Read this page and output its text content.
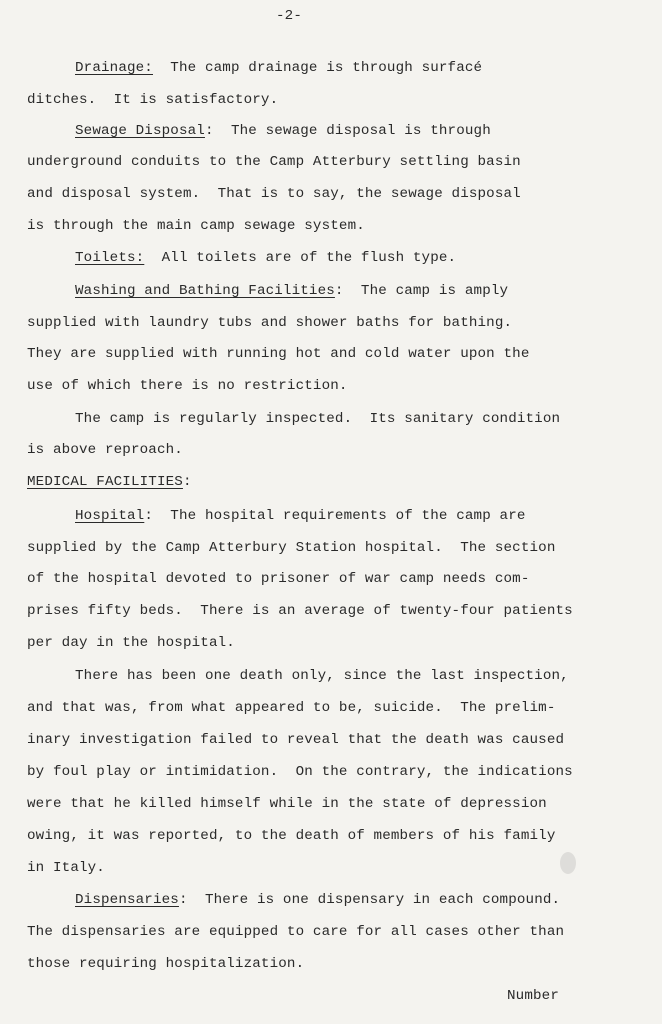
-2-
Drainage:  The camp drainage is through surfacé
ditches.  It is satisfactory.
Sewage Disposal:  The sewage disposal is through
underground conduits to the Camp Atterbury settling basin
and disposal system.  That is to say, the sewage disposal
is through the main camp sewage system.
Toilets:  All toilets are of the flush type.
Washing and Bathing Facilities:  The camp is amply
supplied with laundry tubs and shower baths for bathing.
They are supplied with running hot and cold water upon the
use of which there is no restriction.
The camp is regularly inspected.  Its sanitary condition
is above reproach.
MEDICAL FACILITIES:
Hospital:  The hospital requirements of the camp are
supplied by the Camp Atterbury Station hospital.  The section
of the hospital devoted to prisoner of war camp needs com-
prises fifty beds.  There is an average of twenty-four patients
per day in the hospital.
There has been one death only, since the last inspection,
and that was, from what appeared to be, suicide.  The prelim-
inary investigation failed to reveal that the death was caused
by foul play or intimidation.  On the contrary, the indications
were that he killed himself while in the state of depression
owing, it was reported, to the death of members of his family
in Italy.
Dispensaries:  There is one dispensary in each compound.
The dispensaries are equipped to care for all cases other than
those requiring hospitalization.
Number
